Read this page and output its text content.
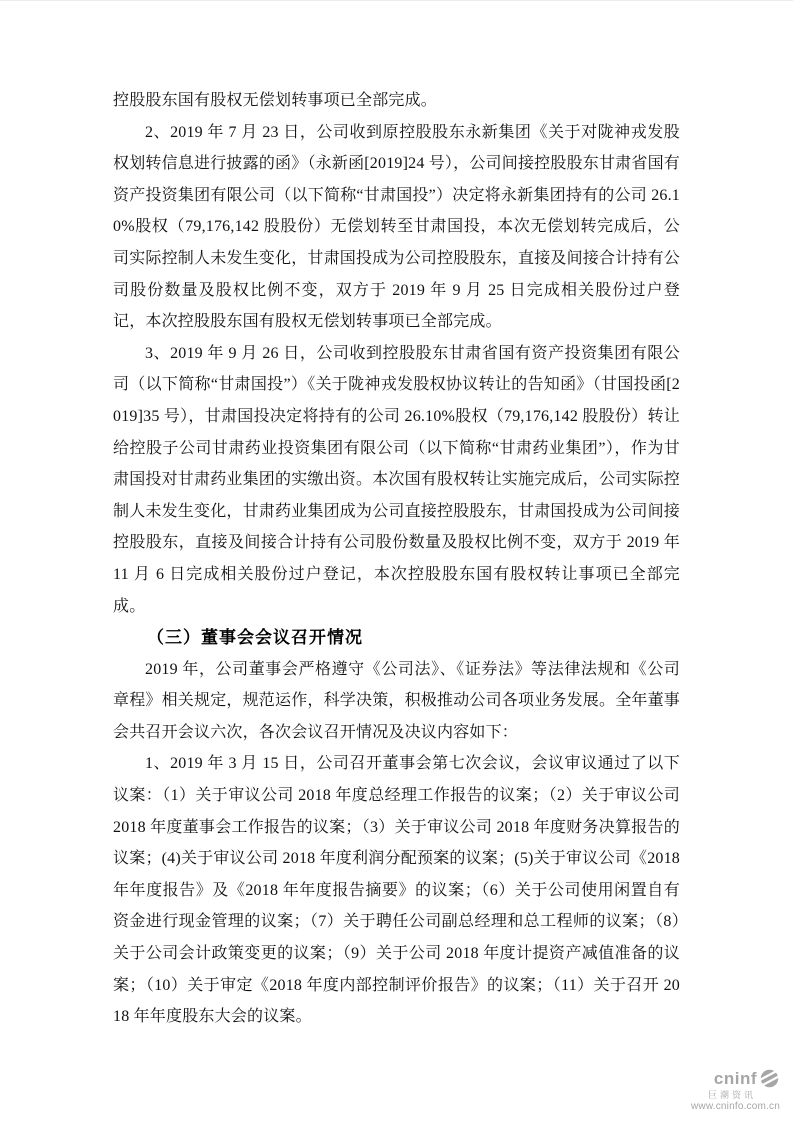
控股股东国有股权无偿划转事项已全部完成。

2、2019 年 7 月 23 日，公司收到原控股股东永新集团《关于对陇神戎发股权划转信息进行披露的函》（永新函[2019]24 号），公司间接控股股东甘肃省国有资产投资集团有限公司（以下简称“甘肃国投”）决定将永新集团持有的公司 26.10%股权（79,176,142 股股份）无偿划转至甘肃国投，本次无偿划转完成后，公司实际控制人未发生变化，甘肃国投成为公司控股股东，直接及间接合计持有公司股份数量及股权比例不变，双方于 2019 年 9 月 25 日完成相关股份过户登记，本次控股股东国有股权无偿划转事项已全部完成。

3、2019 年 9 月 26 日，公司收到控股股东甘肃省国有资产投资集团有限公司（以下简称“甘肃国投”）《关于陇神戎发股权协议转让的告知函》（甘国投函[2019]35 号），甘肃国投决定将持有的公司 26.10%股权（79,176,142 股股份）转让给控股子公司甘肃药业投资集团有限公司（以下简称“甘肃药业集团”），作为甘肃国投对甘肃药业集团的实缴出资。本次国有股权转让实施完成后，公司实际控制人未发生变化，甘肃药业集团成为公司直接控股股东，甘肃国投成为公司间接控股股东，直接及间接合计持有公司股份数量及股权比例不变，双方于 2019 年 11 月 6 日完成相关股份过户登记，本次控股股东国有股权转让事项已全部完成。

（三）董事会会议召开情况

2019 年，公司董事会严格遵守《公司法》、《证券法》等法律法规和《公司章程》相关规定，规范运作，科学决策，积极推动公司各项业务发展。全年董事会共召开会议六次，各次会议召开情况及决议内容如下：

1、2019 年 3 月 15 日，公司召开董事会第七次会议，会议审议通过了以下议案：（1）关于审议公司 2018 年度总经理工作报告的议案；（2）关于审议公司 2018 年度董事会工作报告的议案；（3）关于审议公司 2018 年度财务决算报告的议案；(4)关于审议公司 2018 年度利润分配预案的议案；(5)关于审议公司《2018 年年度报告》及《2018 年年度报告摘要》的议案；（6）关于公司使用闲置自有资金进行现金管理的议案；（7）关于聘任公司副总经理和总工程师的议案；（8）关于公司会计政策变更的议案；（9）关于公司 2018 年度计提资产减值准备的议案；（10）关于审定《2018 年度内部控制评价报告》的议案；（11）关于召开 2018 年年度股东大会的议案。

cninf
巨潮资讯
www.cninfo.com.cn
